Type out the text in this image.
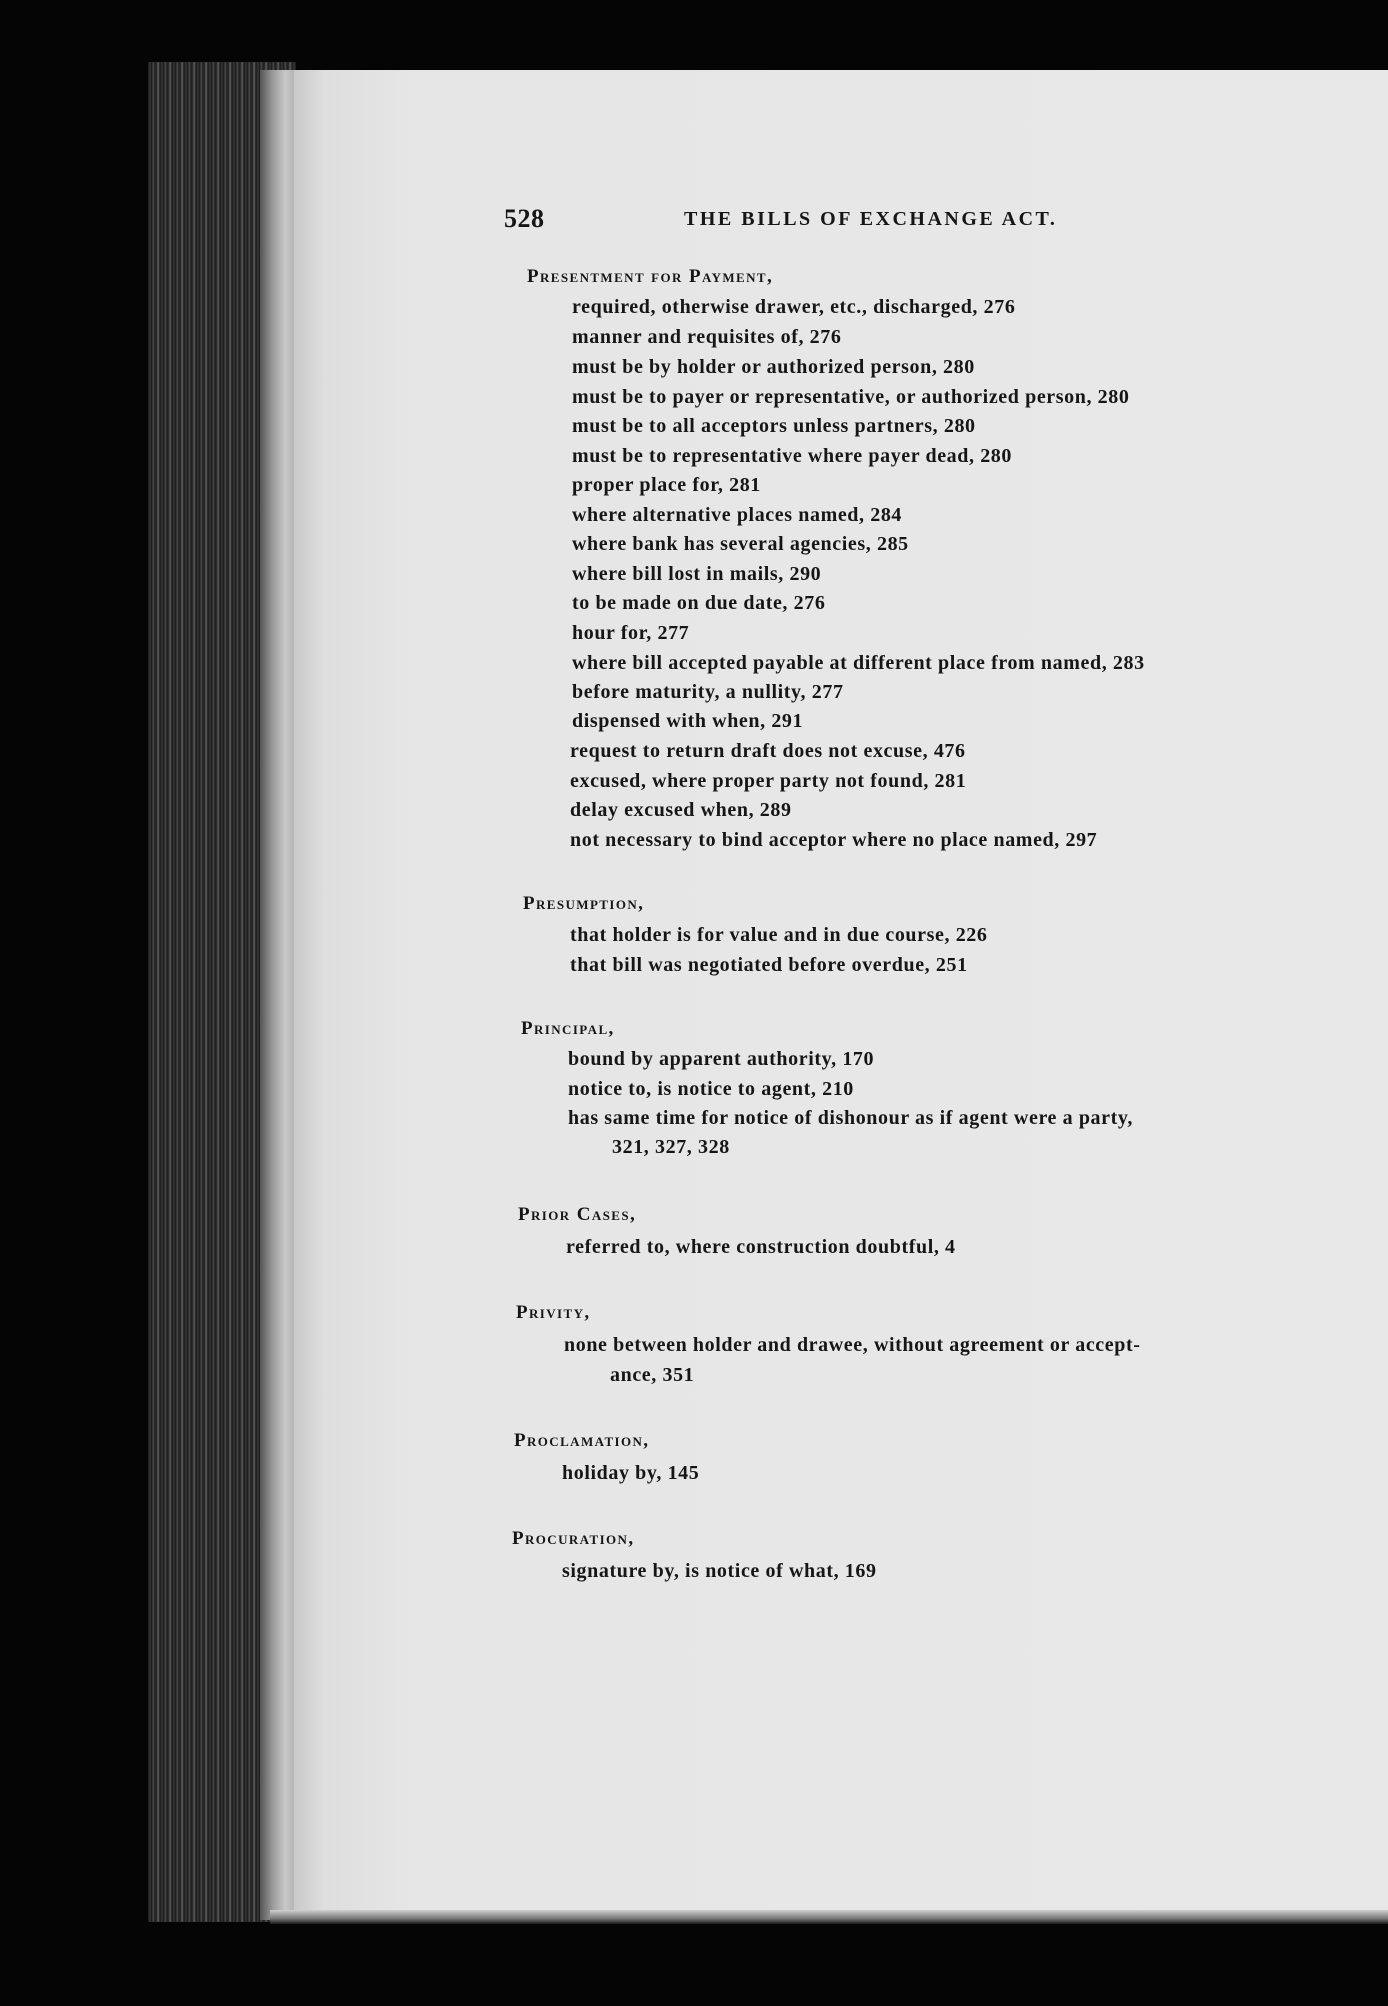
528	THE BILLS OF EXCHANGE ACT.
Presentment for Payment,
required, otherwise drawer, etc., discharged, 276
manner and requisites of, 276
must be by holder or authorized person, 280
must be to payer or representative, or authorized person, 280
must be to all acceptors unless partners, 280
must be to representative where payer dead, 280
proper place for, 281
where alternative places named, 284
where bank has several agencies, 285
where bill lost in mails, 290
to be made on due date, 276
hour for, 277
where bill accepted payable at different place from named, 283
before maturity, a nullity, 277
dispensed with when, 291
request to return draft does not excuse, 476
excused, where proper party not found, 281
delay excused when, 289
not necessary to bind acceptor where no place named, 297
Presumption,
that holder is for value and in due course, 226
that bill was negotiated before overdue, 251
Principal,
bound by apparent authority, 170
notice to, is notice to agent, 210
has same time for notice of dishonour as if agent were a party,
321, 327, 328
Prior Cases,
referred to, where construction doubtful, 4
Privity,
none between holder and drawee, without agreement or accept-
ance, 351
Proclamation,
holiday by, 145
Procuration,
signature by, is notice of what, 169
